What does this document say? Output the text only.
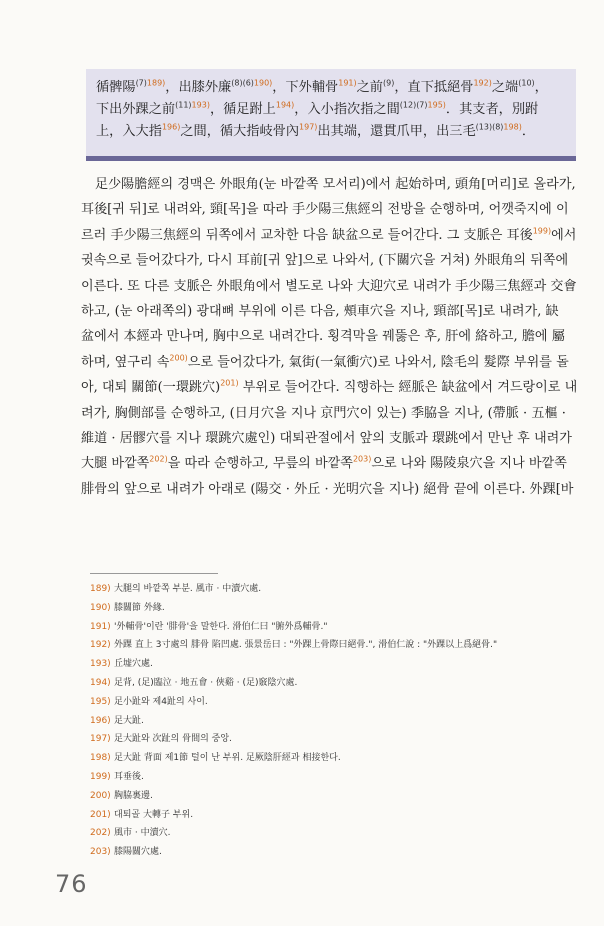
循髀陽$^{(7)189)}$，出膝外廉$^{(8)(6)190)}$，下外輔骨$^{191)}$之前$^{(9)}$，直下抵絕骨$^{192)}$之端$^{(10)}$，
下出外踝之前$^{(11)193)}$，循足跗上$^{194)}$，入小指次指之間$^{(12)(7)195)}$．其支者，別跗
上，入大指$^{196)}$之間，循大指岐骨內$^{197)}$出其端，還貫爪甲，出三毛$^{(13)(8)198)}$．
足少陽膽經의 경맥은 外眼角(눈 바깥쪽 모서리)에서 起始하며, 頭角[머리]로 올라가,
耳後[귀 뒤]로 내려와, 頸[목]을 따라 手少陽三焦經의 전방을 순행하며, 어깻죽지에 이
르러 手少陽三焦經의 뒤쪽에서 교차한 다음 缺盆으로 들어간다. 그 支脈은 耳後$^{199)}$에서
귓속으로 들어갔다가, 다시 耳前[귀 앞]으로 나와서, (下關穴을 거쳐) 外眼角의 뒤쪽에
이른다. 또 다른 支脈은 外眼角에서 별도로 나와 大迎穴로 내려가 手少陽三焦經과 交會
하고, (눈 아래쪽의) 광대뼈 부위에 이른 다음, 頰車穴을 지나, 頸部[목]로 내려가, 缺
盆에서 本經과 만나며, 胸中으로 내려간다. 횡격막을 꿰뚫은 후, 肝에 絡하고, 膽에 屬
하며, 옆구리 속$^{200)}$으로 들어갔다가, 氣街(一氣衝穴)로 나와서, 陰毛의 髮際 부위를 돌
아, 대퇴 關節(一環跳穴)$^{201)}$ 부위로 들어간다. 직행하는 經脈은 缺盆에서 겨드랑이로 내
려가, 胸側部를 순행하고, (日月穴을 지나 京門穴이 있는) 季脇을 지나, (帶脈 · 五樞 ·
維道 · 居髎穴를 지나 環跳穴處인) 대퇴관절에서 앞의 支脈과 環跳에서 만난 후 내려가
大腿 바깥쪽$^{202)}$을 따라 순행하고, 무릎의 바깥쪽$^{203)}$으로 나와 陽陵泉穴을 지나 바깥쪽
腓骨의 앞으로 내려가 아래로 (陽交 · 外丘 · 光明穴을 지나) 絕骨 끝에 이른다. 外踝[바
189) 大腿의 바깥쪽 부분. 風市 · 中瀆穴處.
190) 膝關節 外緣.
191) '外輔骨'이란 '腓骨'을 말한다. 滑伯仁曰 "腑外爲輔骨."
192) 外踝 直上 3寸處의 腓骨 陷凹處. 張景岳曰 : "外踝上骨際曰絕骨.", 滑伯仁說 : "外踝以上爲絕骨."
193) 丘墟穴處.
194) 足背, (足)臨泣 · 地五會 · 俠谿 · (足)竅陰穴處.
195) 足小趾와 제4趾의 사이.
196) 足大趾.
197) 足大趾와 次趾의 骨間의 중앙.
198) 足大趾 背面 제1節 털이 난 부위. 足厥陰肝經과 相接한다.
199) 耳垂後.
200) 胸脇裏邊.
201) 대퇴골 大轉子 부위.
202) 風市 · 中瀆穴.
203) 膝陽關穴處.
76
